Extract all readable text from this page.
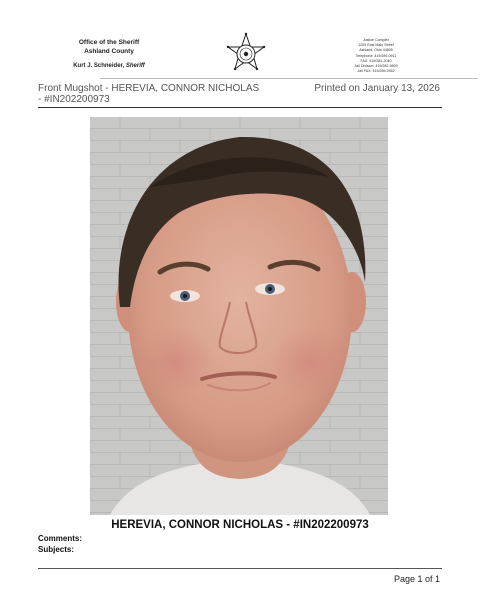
Office of the Sheriff
Ashland County
Kurt J. Schneider, Sheriff
Justice Complex
1205 East Main Street
Ashland, Ohio 44805
Telephone: 419/289-0911
FAX: 419/281-2040
Jail Division: 419/282-9809
Jail FAX: 419/289-2552
Front Mugshot - HEREVIA, CONNOR NICHOLAS
- #IN202200973
Printed on January 13, 2026
HEREVIA, CONNOR NICHOLAS - #IN202200973
Comments:
Subjects:
Page 1 of 1
